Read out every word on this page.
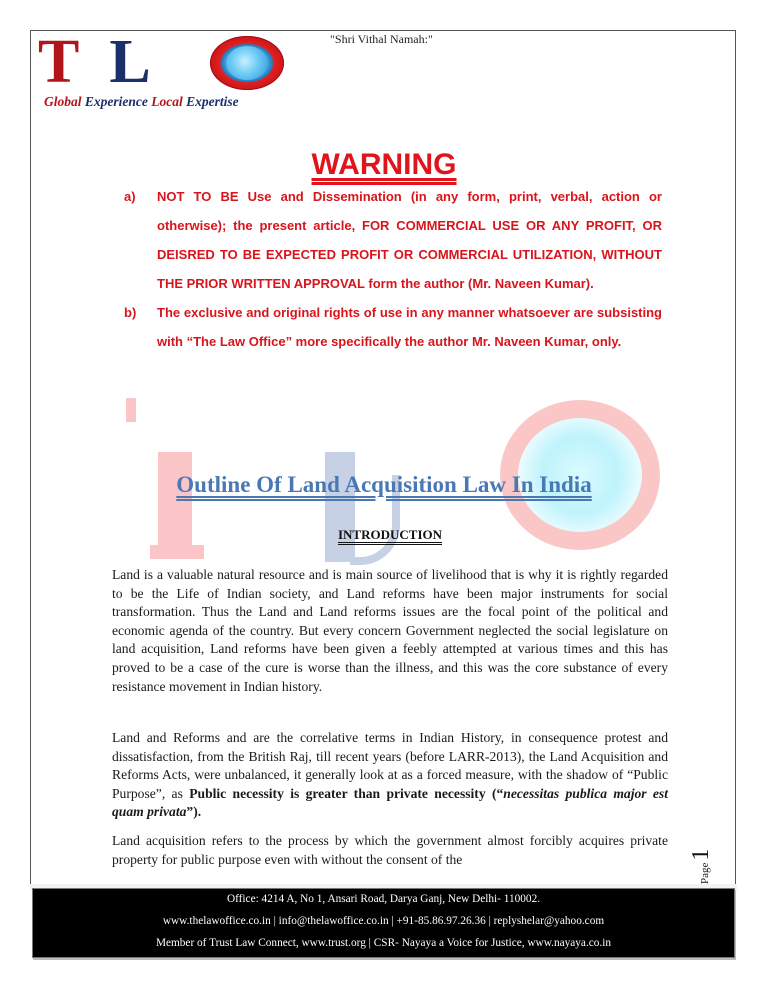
T L
Global Experience Local Expertise
"Shri Vithal Namah:"
WARNING
a)	NOT TO BE Use and Dissemination (in any form, print, verbal, action or otherwise); the present article, FOR COMMERCIAL USE OR ANY PROFIT, OR DEISRED TO BE EXPECTED PROFIT OR COMMERCIAL UTILIZATION, WITHOUT THE PRIOR WRITTEN APPROVAL form the author (Mr. Naveen Kumar).
b)	The exclusive and original rights of use in any manner whatsoever are subsisting with “The Law Office” more specifically the author Mr. Naveen Kumar, only.
Outline Of Land Acquisition Law In India
INTRODUCTION
Land is a valuable natural resource and is main source of livelihood that is why it is rightly regarded to be the Life of Indian society, and Land reforms have been major instruments for social transformation. Thus the Land and Land reforms issues are the focal point of the political and economic agenda of the country. But every concern Government neglected the social legislature on land acquisition, Land reforms have been given a feebly attempted at various times and this has proved to be a case of the cure is worse than the illness, and this was the core substance of every resistance movement in Indian history.
Land and Reforms and are the correlative terms in Indian History, in consequence protest and dissatisfaction, from the British Raj, till recent years (before LARR-2013), the Land Acquisition and Reforms Acts, were unbalanced, it generally look at as a forced measure, with the shadow of “Public Purpose”, as Public necessity is greater than private necessity (“necessitas publica major est quam privata”).
Land acquisition refers to the process by which the government almost forcibly acquires private property for public purpose even with without the consent of the
Page1
Office: 4214 A, No 1, Ansari Road, Darya Ganj, New Delhi- 110002.
www.thelawoffice.co.in | info@thelawoffice.co.in | +91-85.86.97.26.36 | replyshelar@yahoo.com
Member of Trust Law Connect, www.trust.org | CSR- Nayaya a Voice for Justice, www.nayaya.co.in
